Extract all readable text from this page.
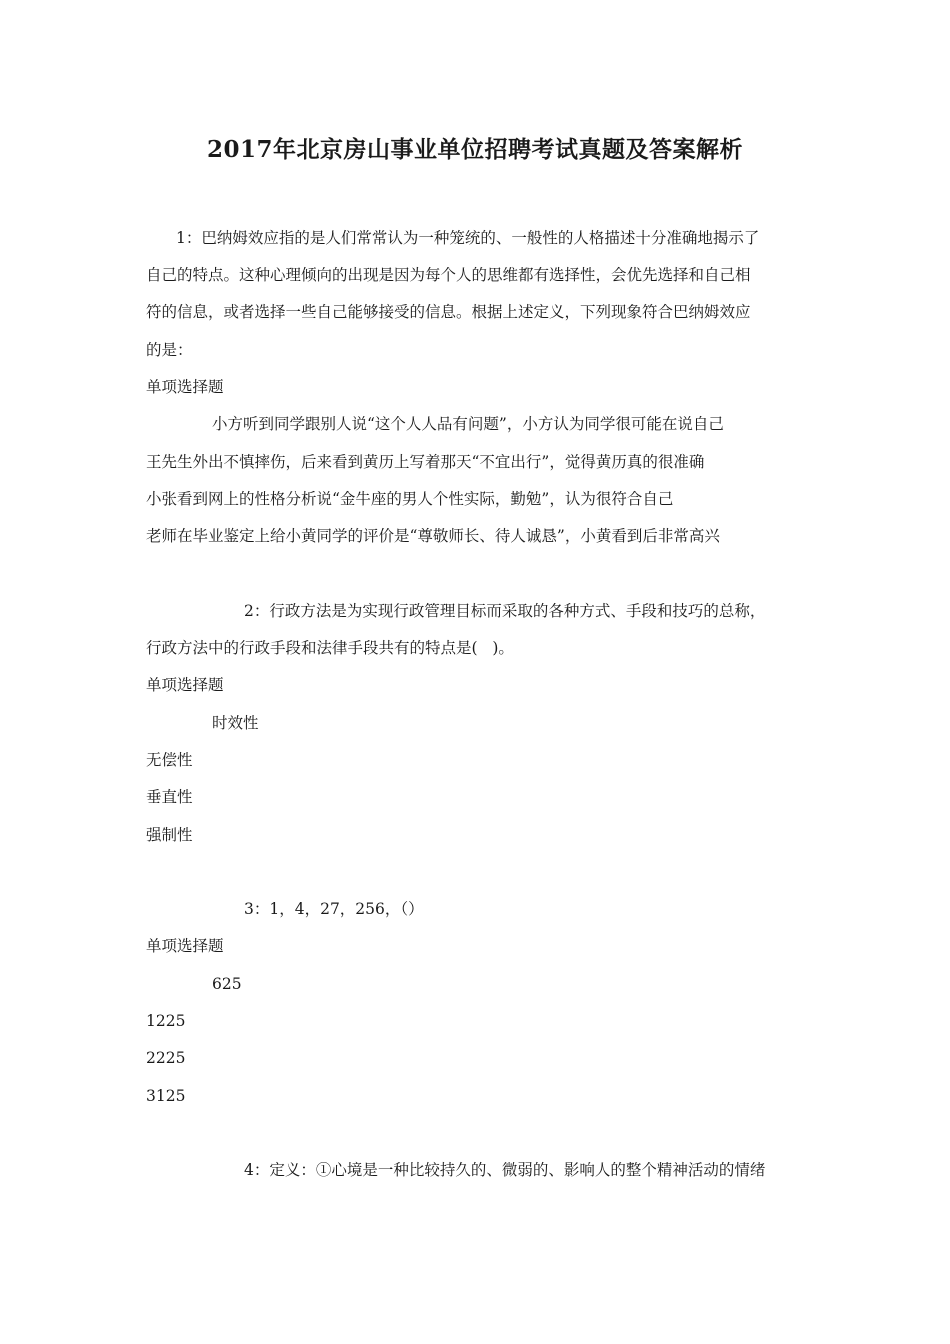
2017年北京房山事业单位招聘考试真题及答案解析

1：巴纳姆效应指的是人们常常认为一种笼统的、一般性的人格描述十分准确地揭示了

自己的特点。这种心理倾向的出现是因为每个人的思维都有选择性，会优先选择和自己相

符的信息，或者选择一些自己能够接受的信息。根据上述定义，下列现象符合巴纳姆效应

的是：

单项选择题

小方听到同学跟别人说“这个人人品有问题”，小方认为同学很可能在说自己

王先生外出不慎摔伤，后来看到黄历上写着那天“不宜出行”，觉得黄历真的很准确

小张看到网上的性格分析说“金牛座的男人个性实际，勤勉”，认为很符合自己

老师在毕业鉴定上给小黄同学的评价是“尊敬师长、待人诚恳”，小黄看到后非常高兴

2：行政方法是为实现行政管理目标而采取的各种方式、手段和技巧的总称，

行政方法中的行政手段和法律手段共有的特点是(   )。

单项选择题

时效性

无偿性

垂直性

强制性

3：1，4，27，256，（）

单项选择题

625

1225

2225

3125

4：定义：①心境是一种比较持久的、微弱的、影响人的整个精神活动的情绪
